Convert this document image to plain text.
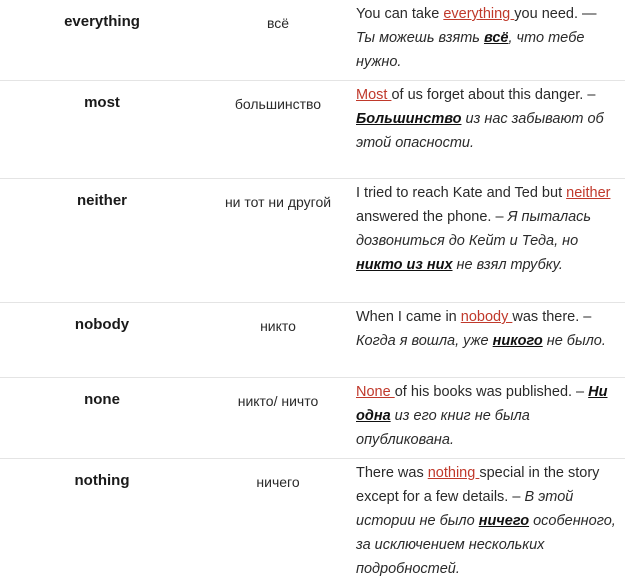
everything	всё	You can take everything you need. — Ты можешь взять всё, что тебе нужно.
most	большинство	Most of us forget about this danger. – Большинство из нас забывают об этой опасности.
neither	ни тот ни другой	I tried to reach Kate and Ted but neither answered the phone. – Я пыталась дозвониться до Кейт и Теда, но никто из них не взял трубку.
nobody	никто	When I came in nobody was there. – Когда я вошла, уже никого не было.
none	никто/ ничто	None of his books was published. – Ни одна из его книг не была опубликована.
nothing	ничего	There was nothing special in the story except for a few details. – В этой истории не было ничего особенного, за исключением нескольких подробностей.
